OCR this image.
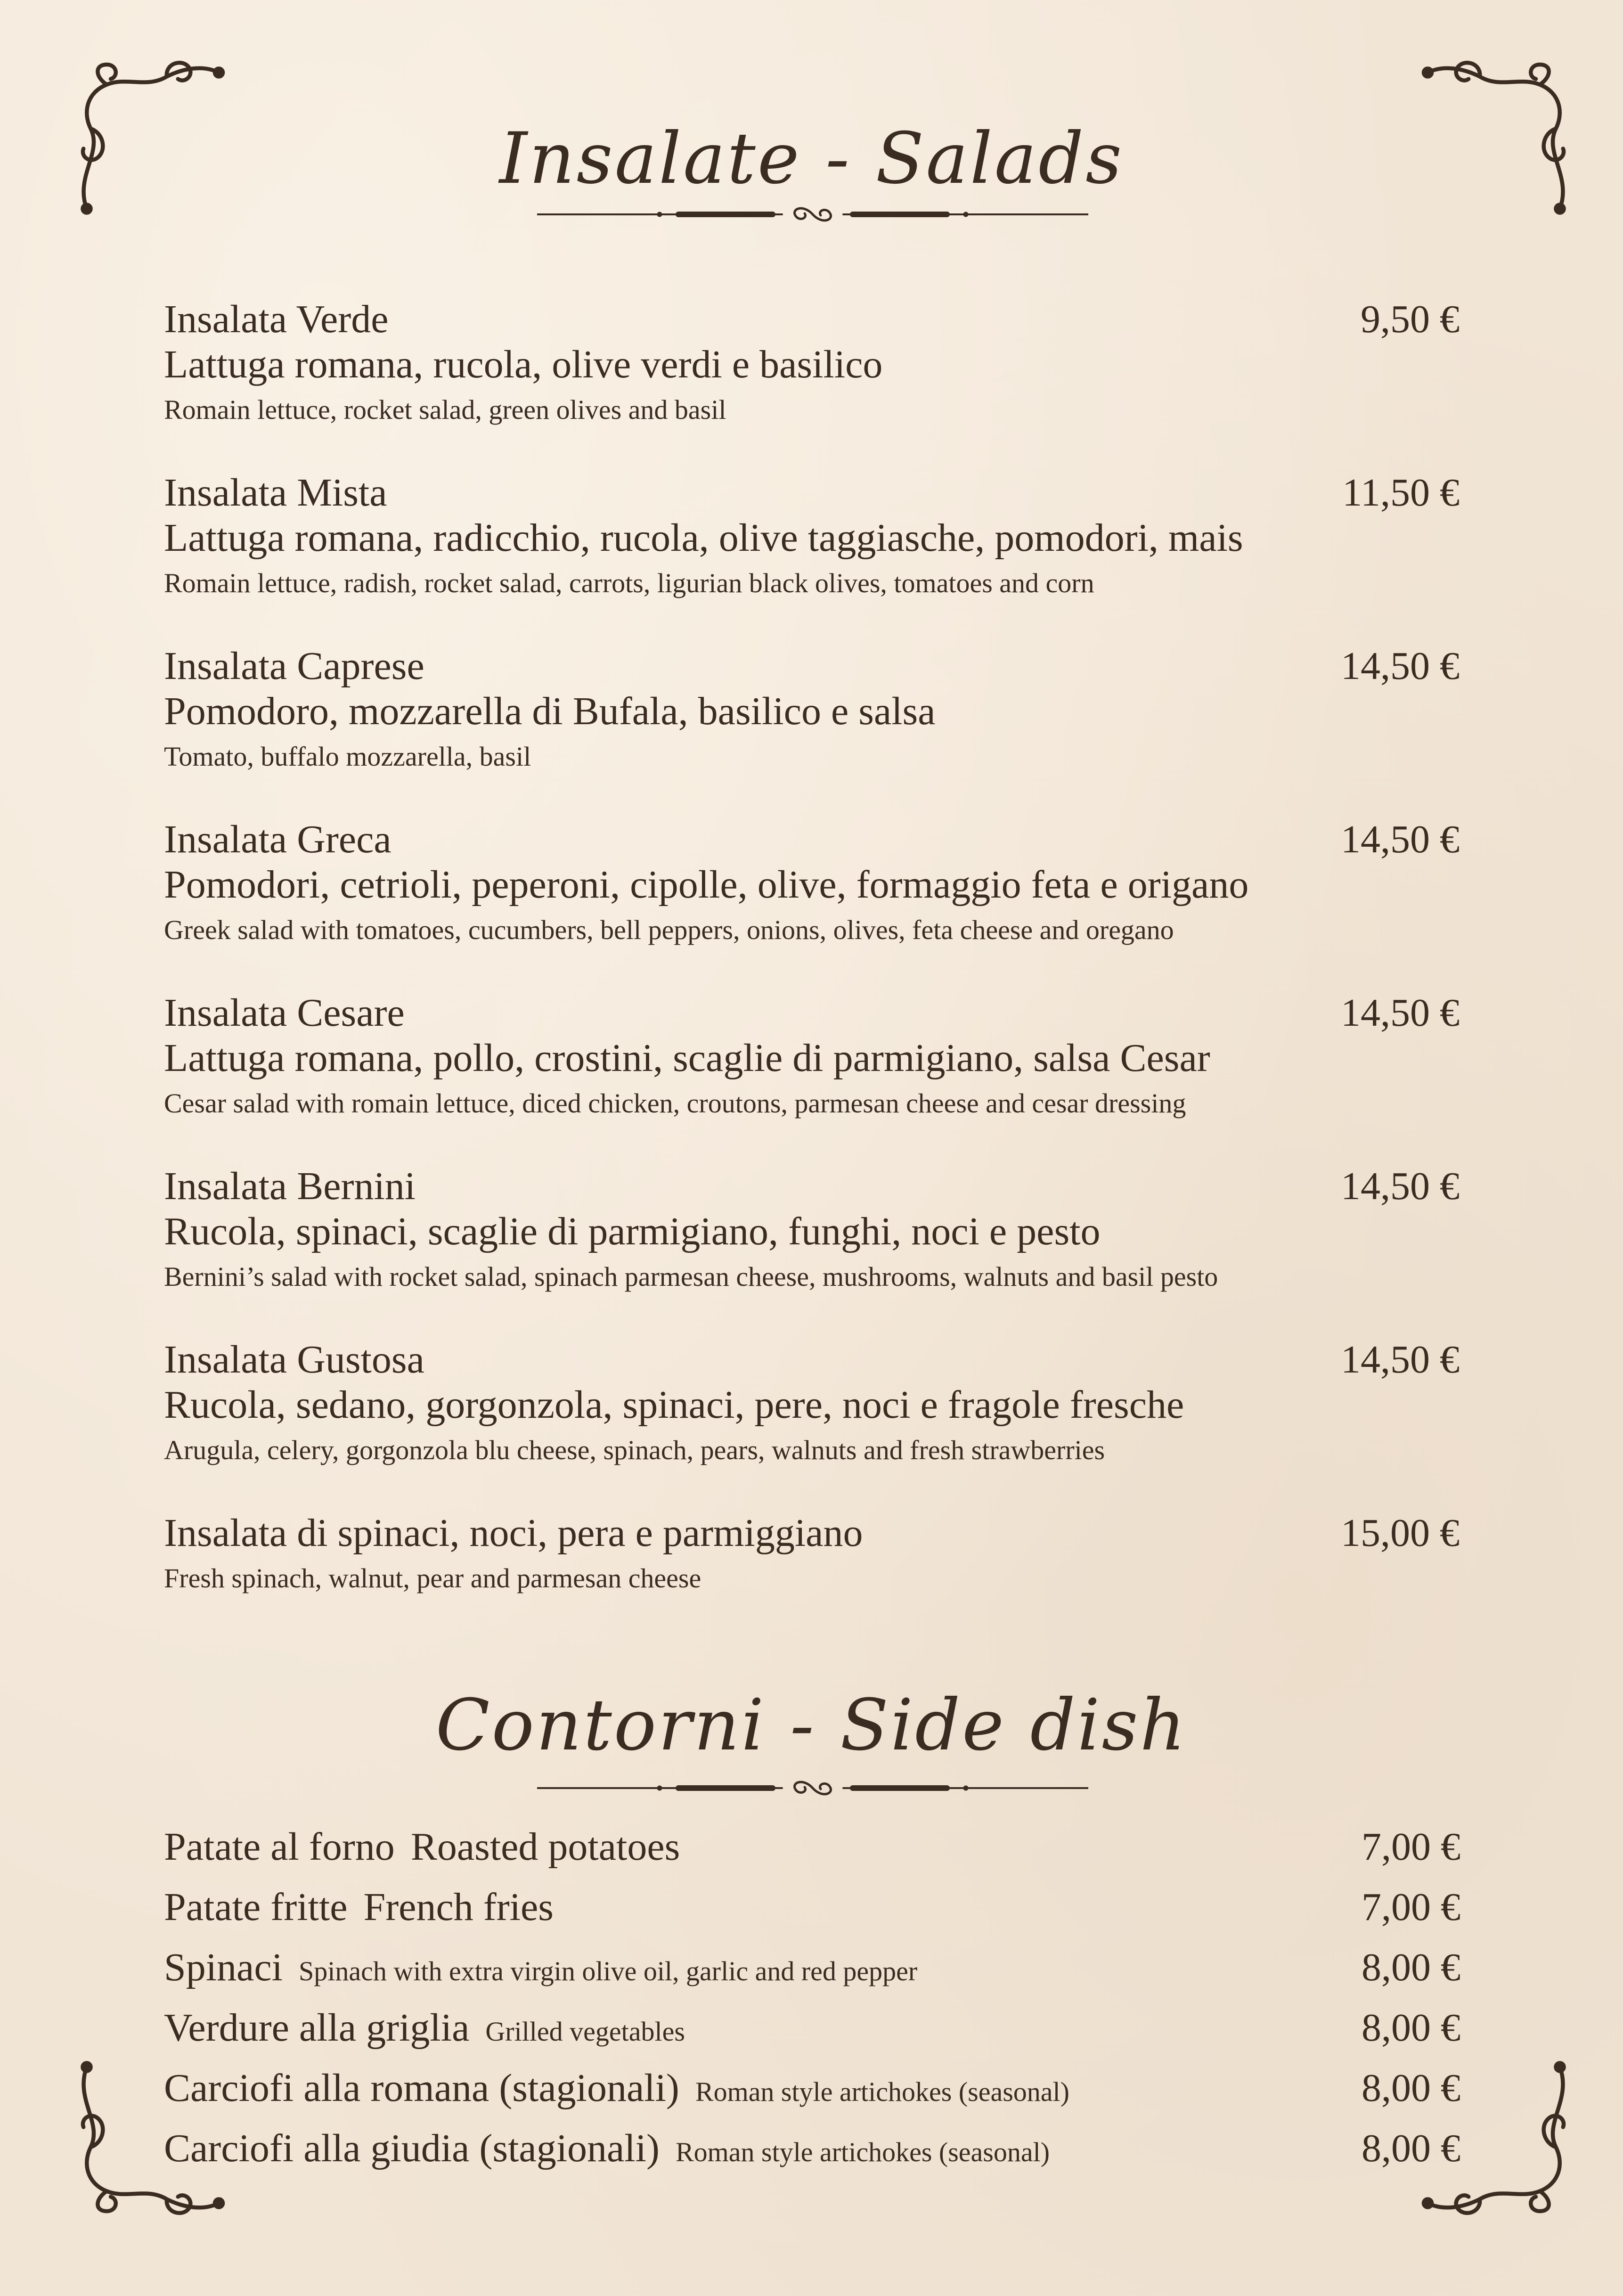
Insalate - Salads
Insalata Verde
Lattuga romana, rucola, olive verdi e basilico
Romain lettuce, rocket salad, green olives and basil
9,50 €
Insalata Mista
Lattuga romana, radicchio, rucola, olive taggiasche, pomodori, mais
Romain lettuce, radish, rocket salad, carrots, ligurian black olives, tomatoes and corn
11,50 €
Insalata Caprese
Pomodoro, mozzarella di Bufala, basilico e salsa
Tomato, buffalo mozzarella, basil
14,50 €
Insalata Greca
Pomodori, cetrioli, peperoni, cipolle, olive, formaggio feta e origano
Greek salad with tomatoes, cucumbers, bell peppers, onions, olives, feta cheese and oregano
14,50 €
Insalata Cesare
Lattuga romana, pollo, crostini, scaglie di parmigiano, salsa Cesar
Cesar salad with romain lettuce, diced chicken, croutons, parmesan cheese and cesar dressing
14,50 €
Insalata Bernini
Rucola, spinaci, scaglie di parmigiano, funghi, noci e pesto
Bernini’s salad with rocket salad, spinach parmesan cheese, mushrooms, walnuts and basil pesto
14,50 €
Insalata Gustosa
Rucola, sedano, gorgonzola, spinaci, pere, noci e fragole fresche
Arugula, celery, gorgonzola blu cheese, spinach, pears, walnuts and fresh strawberries
14,50 €
Insalata di spinaci, noci, pera e parmiggiano
Fresh spinach, walnut, pear and parmesan cheese
15,00 €
Contorni - Side dish
Patate al forno Roasted potatoes	7,00 €
Patate fritte French fries	7,00 €
Spinaci Spinach with extra virgin olive oil, garlic and red pepper	8,00 €
Verdure alla griglia Grilled vegetables	8,00 €
Carciofi alla romana (stagionali) Roman style artichokes (seasonal)	8,00 €
Carciofi alla giudia (stagionali) Roman style artichokes (seasonal)	8,00 €
